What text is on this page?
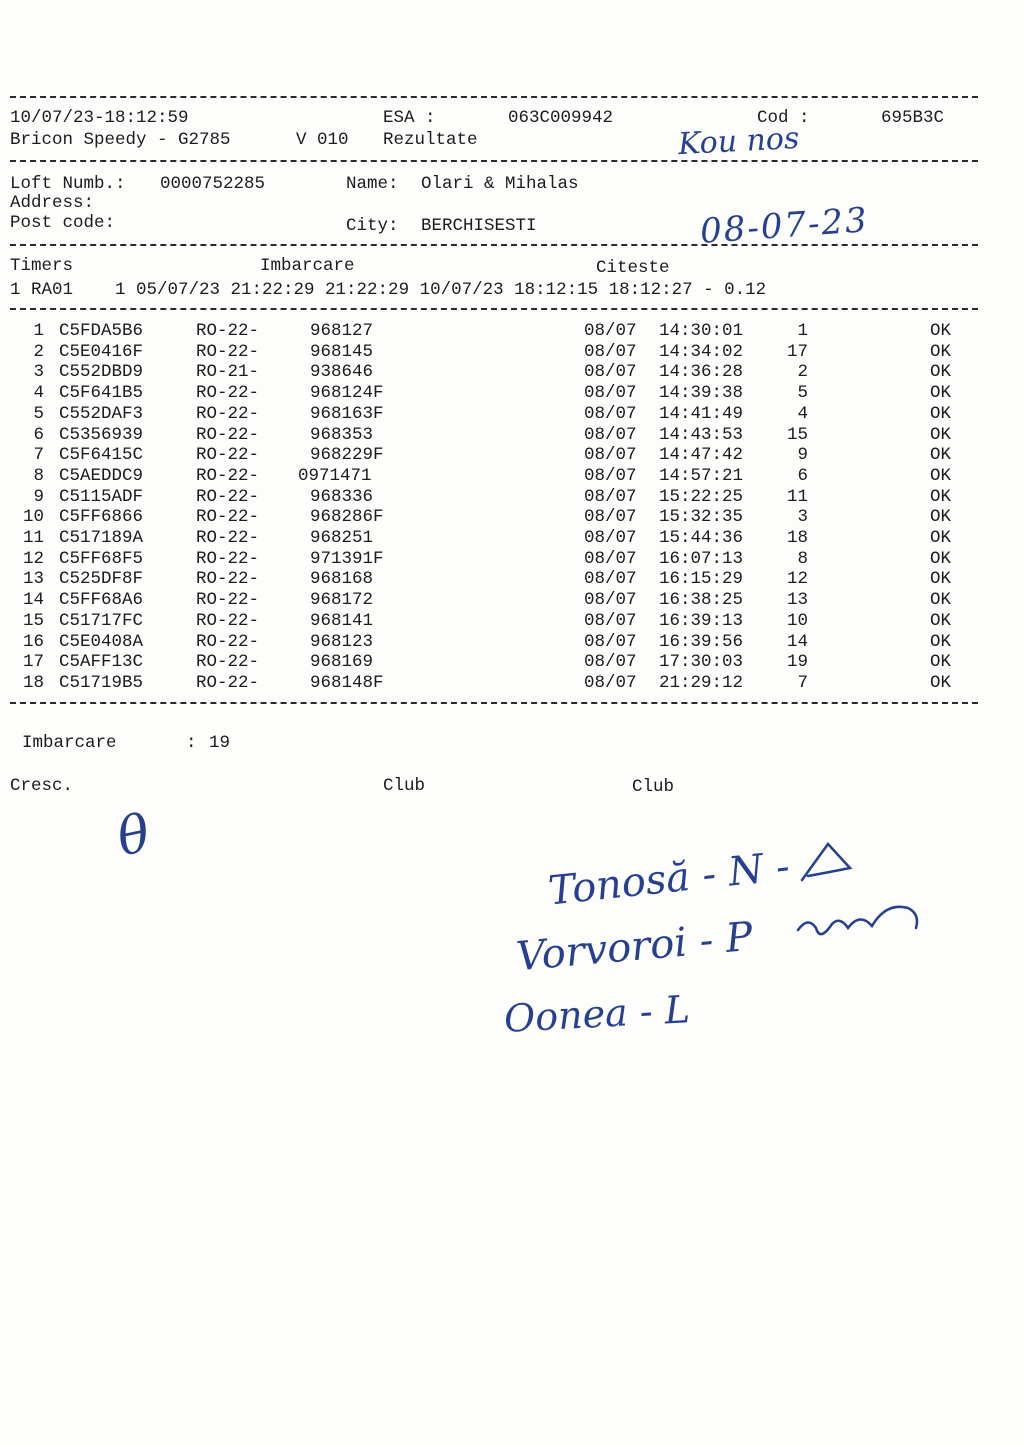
10/07/23-18:12:59	ESA :	063C009942	Cod :	695B3C
Bricon Speedy - G2785	V 010 Rezultate	Kou nos
Loft Numb.: 0000752285	Name: Olari & Mihalas
Address:
Post code:	City: BERCHISESTI	08-07-23
Timers	Imbarcare	Citeste
1 RA01    1 05/07/23 21:22:29 21:22:29 10/07/23 18:12:15 18:12:27 - 0.12
1 C5FDA5B6	RO-22-	968127	08/07 14:30:01	1	OK
2 C5E0416F	RO-22-	968145	08/07 14:34:02	17	OK
3 C552DBD9	RO-21-	938646	08/07 14:36:28	2	OK
4 C5F641B5	RO-22-	968124F	08/07 14:39:38	5	OK
5 C552DAF3	RO-22-	968163F	08/07 14:41:49	4	OK
6 C5356939	RO-22-	968353	08/07 14:43:53	15	OK
7 C5F6415C	RO-22-	968229F	08/07 14:47:42	9	OK
8 C5AEDDC9	RO-22- 0971471	08/07 14:57:21	6	OK
9 C5115ADF	RO-22-	968336	08/07 15:22:25	11	OK
10 C5FF6866	RO-22-	968286F	08/07 15:32:35	3	OK
11 C517189A	RO-22-	968251	08/07 15:44:36	18	OK
12 C5FF68F5	RO-22-	971391F	08/07 16:07:13	8	OK
13 C525DF8F	RO-22-	968168	08/07 16:15:29	12	OK
14 C5FF68A6	RO-22-	968172	08/07 16:38:25	13	OK
15 C51717FC	RO-22-	968141	08/07 16:39:13	10	OK
16 C5E0408A	RO-22-	968123	08/07 16:39:56	14	OK
17 C5AFF13C	RO-22-	968169	08/07 17:30:03	19	OK
18 C51719B5	RO-22-	968148F	08/07 21:29:12	7	OK
Imbarcare	: 19
Cresc.	Club	Club
θ
Tonosă - N -
Vorvoroi - P
Oonea - L
